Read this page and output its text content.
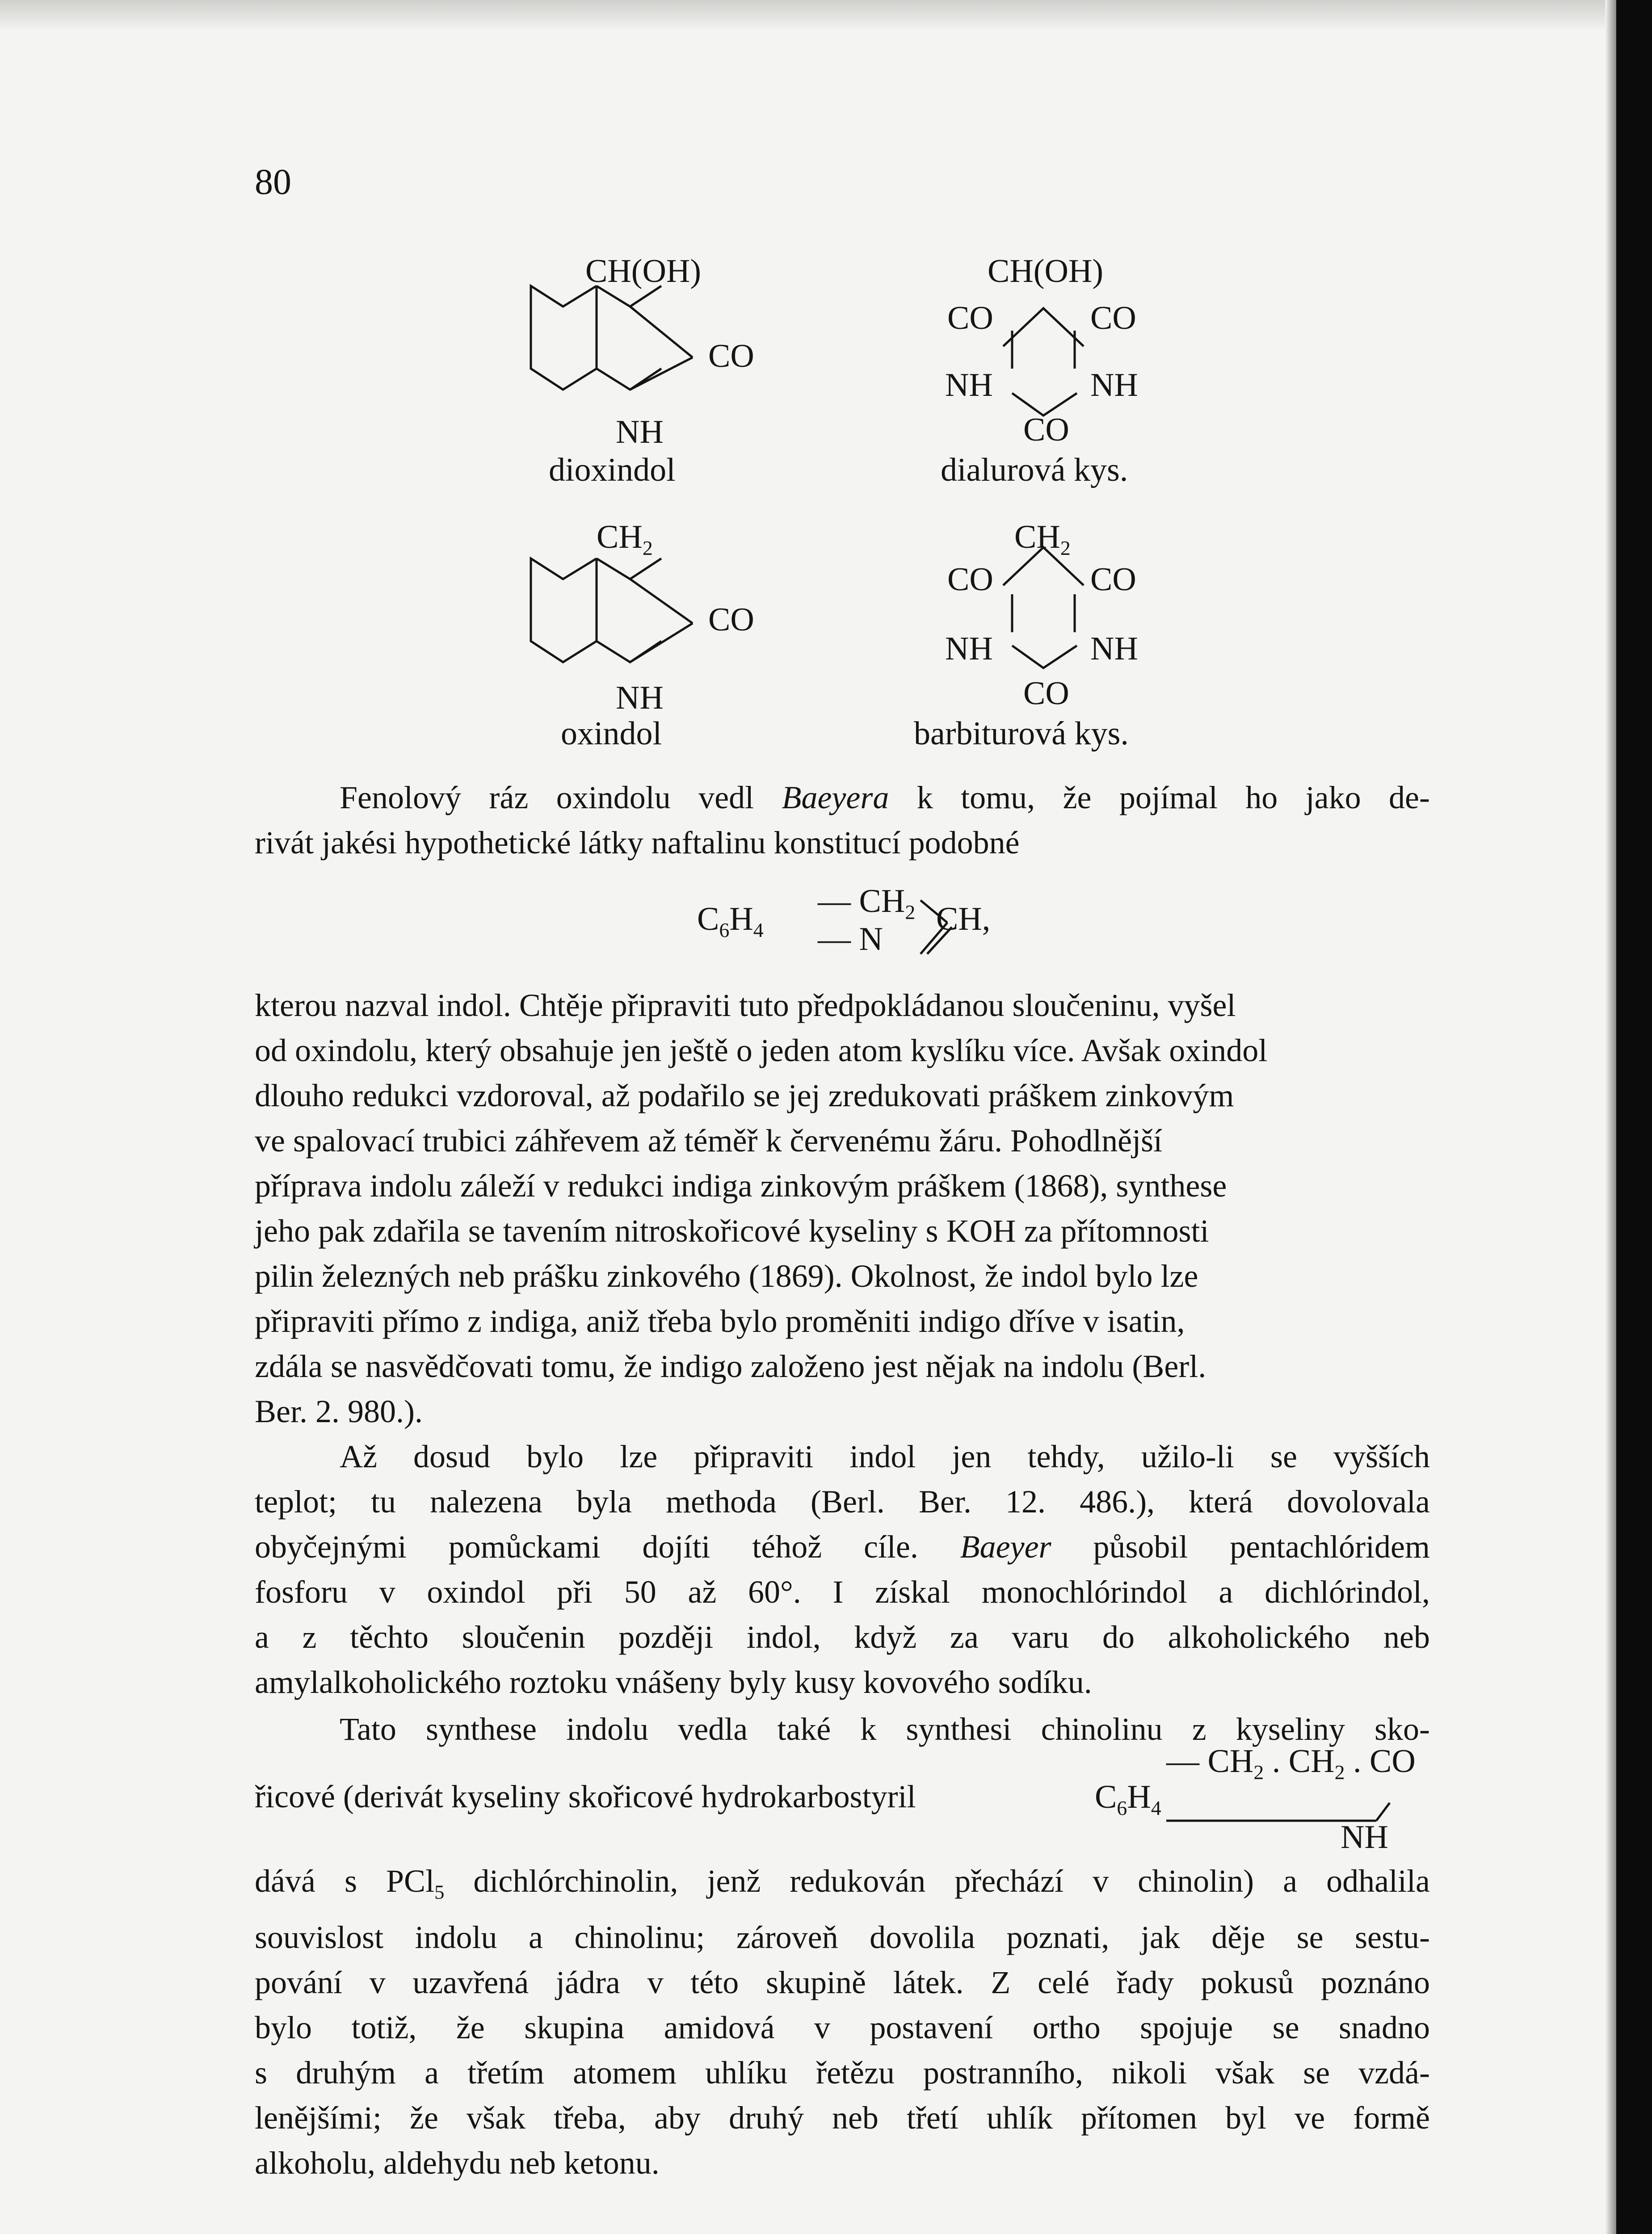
80
CH(OH)
CO
NH
dioxindol
CH(OH)
CO	CO
NH	NH
CO
dialurová kys.
$CH_2$
CO
NH
oxindol
$CH_2$
CO	CO
NH	NH
CO
barbiturová kys.
Fenolový ráz oxindolu vedl Baeyera k tomu, že pojímal ho jako de-
rivát jakési hypothetické látky naftalinu konstitucí podobné
$C_6H_4$
— $CH_2$
— N
CH,
kterou nazval indol. Chtěje připraviti tuto předpokládanou sloučeninu, vyšel
od oxindolu, který obsahuje jen ještě o jeden atom kyslíku více. Avšak oxindol
dlouho redukci vzdoroval, až podařilo se jej zredukovati práškem zinkovým
ve spalovací trubici záhřevem až téměř k červenému žáru. Pohodlnější
příprava indolu záleží v redukci indiga zinkovým práškem (1868), synthese
jeho pak zdařila se tavením nitroskořicové kyseliny s KOH za přítomnosti
pilin železných neb prášku zinkového (1869). Okolnost, že indol bylo lze
připraviti přímo z indiga, aniž třeba bylo proměniti indigo dříve v isatin,
zdála se nasvědčovati tomu, že indigo založeno jest nějak na indolu (Berl.
Ber. 2. 980.).
Až dosud bylo lze připraviti indol jen tehdy, užilo-li se vyšších
teplot; tu nalezena byla methoda (Berl. Ber. 12. 486.), která dovolovala
obyčejnými pomůckami dojíti téhož cíle. Baeyer působil pentachlóridem
fosforu v oxindol při 50 až 60°. I získal monochlórindol a dichlórindol,
a z těchto sloučenin později indol, když za varu do alkoholického neb
amylalkoholického roztoku vnášeny byly kusy kovového sodíku.
Tato synthese indolu vedla také k synthesi chinolinu z kyseliny sko-
řicové (derivát kyseliny skořicové hydrokarbostyril	$C_6H_4$
— $CH_2$ . $CH_2$ . CO
NH
dává s PCl$_5$ dichlórchinolin, jenž redukován přechází v chinolin) a odhalila
souvislost indolu a chinolinu; zároveň dovolila poznati, jak děje se sestu-
pování v uzavřená jádra v této skupině látek. Z celé řady pokusů poznáno
bylo totiž, že skupina amidová v postavení ortho spojuje se snadno
s druhým a třetím atomem uhlíku řetězu postranního, nikoli však se vzdá-
lenějšími; že však třeba, aby druhý neb třetí uhlík přítomen byl ve formě
alkoholu, aldehydu neb ketonu.
